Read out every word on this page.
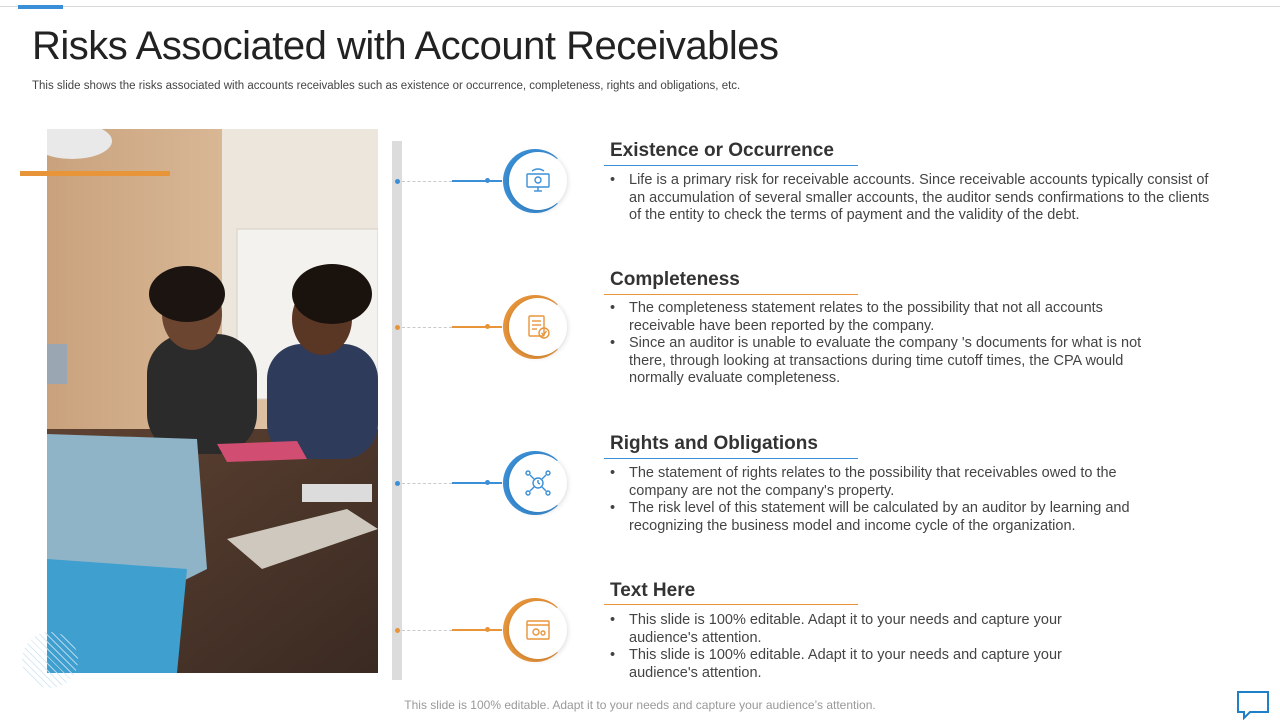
Risks Associated with Account Receivables
This slide shows the risks associated with accounts receivables such as existence or occurrence, completeness, rights and obligations, etc.
Existence or Occurrence
• Life is a primary risk for receivable accounts. Since receivable accounts typically consist of an accumulation of several smaller accounts, the auditor sends confirmations to the clients of the entity to check the terms of payment and the validity of the debt.
Completeness
• The completeness statement relates to the possibility that not all accounts receivable have been reported by the company.
• Since an auditor is unable to evaluate the company 's documents for what is not there, through looking at transactions during time cutoff times, the CPA would normally evaluate completeness.
Rights and Obligations
• The statement of rights relates to the possibility that receivables owed to the company are not the company's property.
• The risk level of this statement will be calculated by an auditor by learning and recognizing the business model and income cycle of the organization.
Text Here
• This slide is 100% editable. Adapt it to your needs and capture your audience's attention.
• This slide is 100% editable. Adapt it to your needs and capture your audience's attention.
This slide is 100% editable. Adapt it to your needs and capture your audience’s attention.
